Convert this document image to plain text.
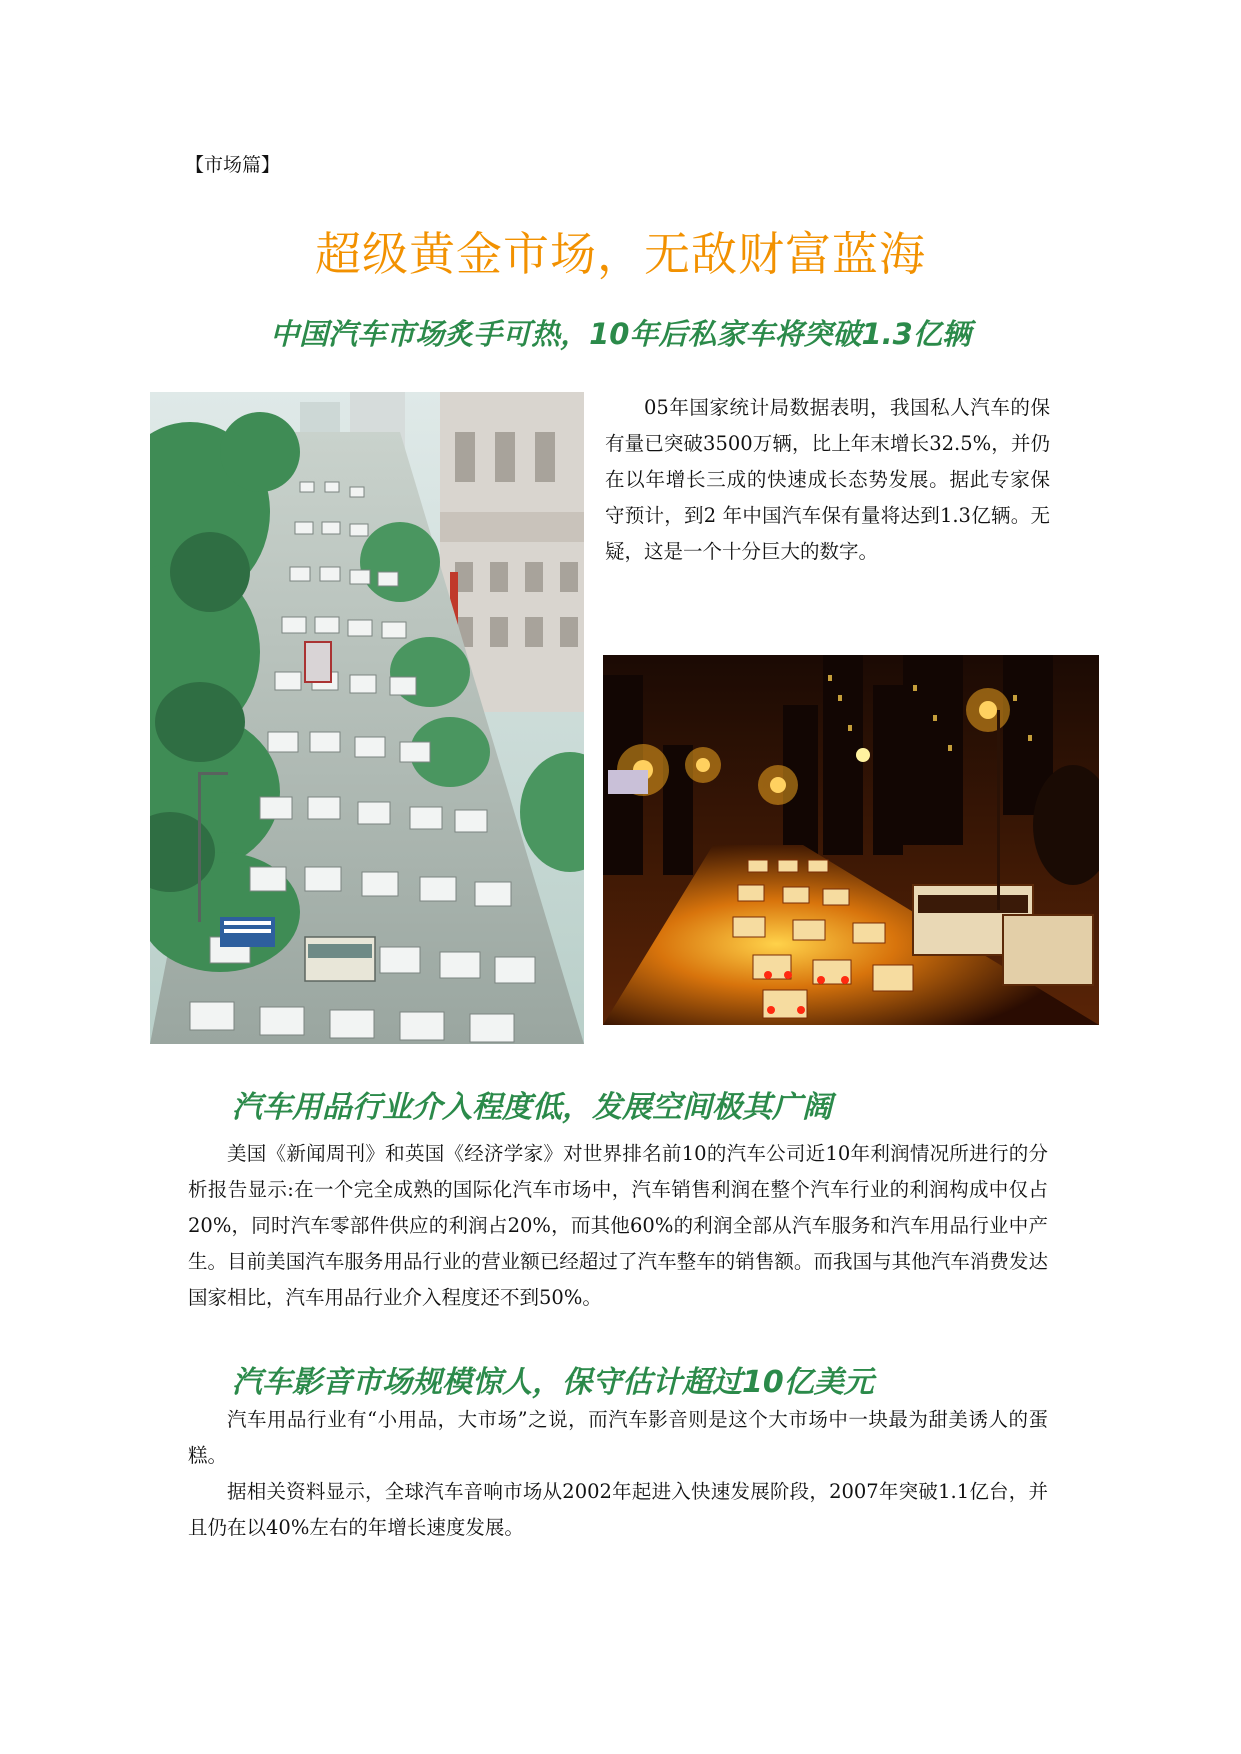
【市场篇】
超级黄金市场，无敌财富蓝海
中国汽车市场炙手可热，10年后私家车将突破1.3亿辆

05年国家统计局数据表明，我国私人汽车的保有量已突破3500万辆，比上年末增长32.5%，并仍在以年增长三成的快速成长态势发展。据此专家保守预计，到2 年中国汽车保有量将达到1.3亿辆。无疑，这是一个十分巨大的数字。

汽车用品行业介入程度低，发展空间极其广阔

美国《新闻周刊》和英国《经济学家》对世界排名前10的汽车公司近10年利润情况所进行的分析报告显示:在一个完全成熟的国际化汽车市场中，汽车销售利润在整个汽车行业的利润构成中仅占20%，同时汽车零部件供应的利润占20%，而其他60%的利润全部从汽车服务和汽车用品行业中产生。目前美国汽车服务用品行业的营业额已经超过了汽车整车的销售额。而我国与其他汽车消费发达国家相比，汽车用品行业介入程度还不到50%。

汽车影音市场规模惊人，保守估计超过10亿美元

汽车用品行业有“小用品，大市场”之说，而汽车影音则是这个大市场中一块最为甜美诱人的蛋糕。

据相关资料显示，全球汽车音响市场从2002年起进入快速发展阶段，2007年突破1.1亿台，并且仍在以40%左右的年增长速度发展。
